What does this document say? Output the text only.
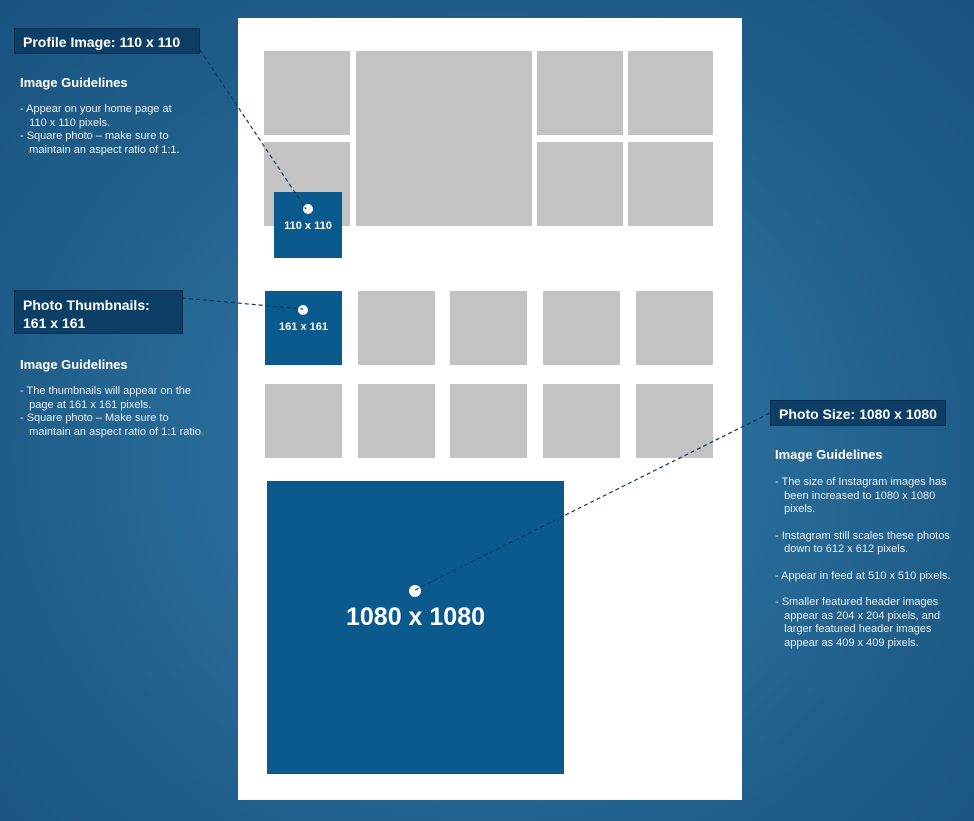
110 x 110
161 x 161
1080 x 1080
Profile Image: 110 x 110
Image Guidelines
- Appear on your home page at
110 x 110 pixels.
- Square photo – make sure to
maintain an aspect ratio of 1:1.
Photo Thumbnails:
161 x 161
Image Guidelines
- The thumbnails will appear on the
page at 161 x 161 pixels.
- Square photo – Make sure to
maintain an aspect ratio of 1:1 ratio.
Photo Size: 1080 x 1080
Image Guidelines
- The size of Instagram images has
been increased to 1080 x 1080
pixels.
- Instagram still scales these photos
down to 612 x 612 pixels.
- Appear in feed at 510 x 510 pixels.
- Smaller featured header images
appear as 204 x 204 pixels, and
larger featured header images
appear as 409 x 409 pixels.
